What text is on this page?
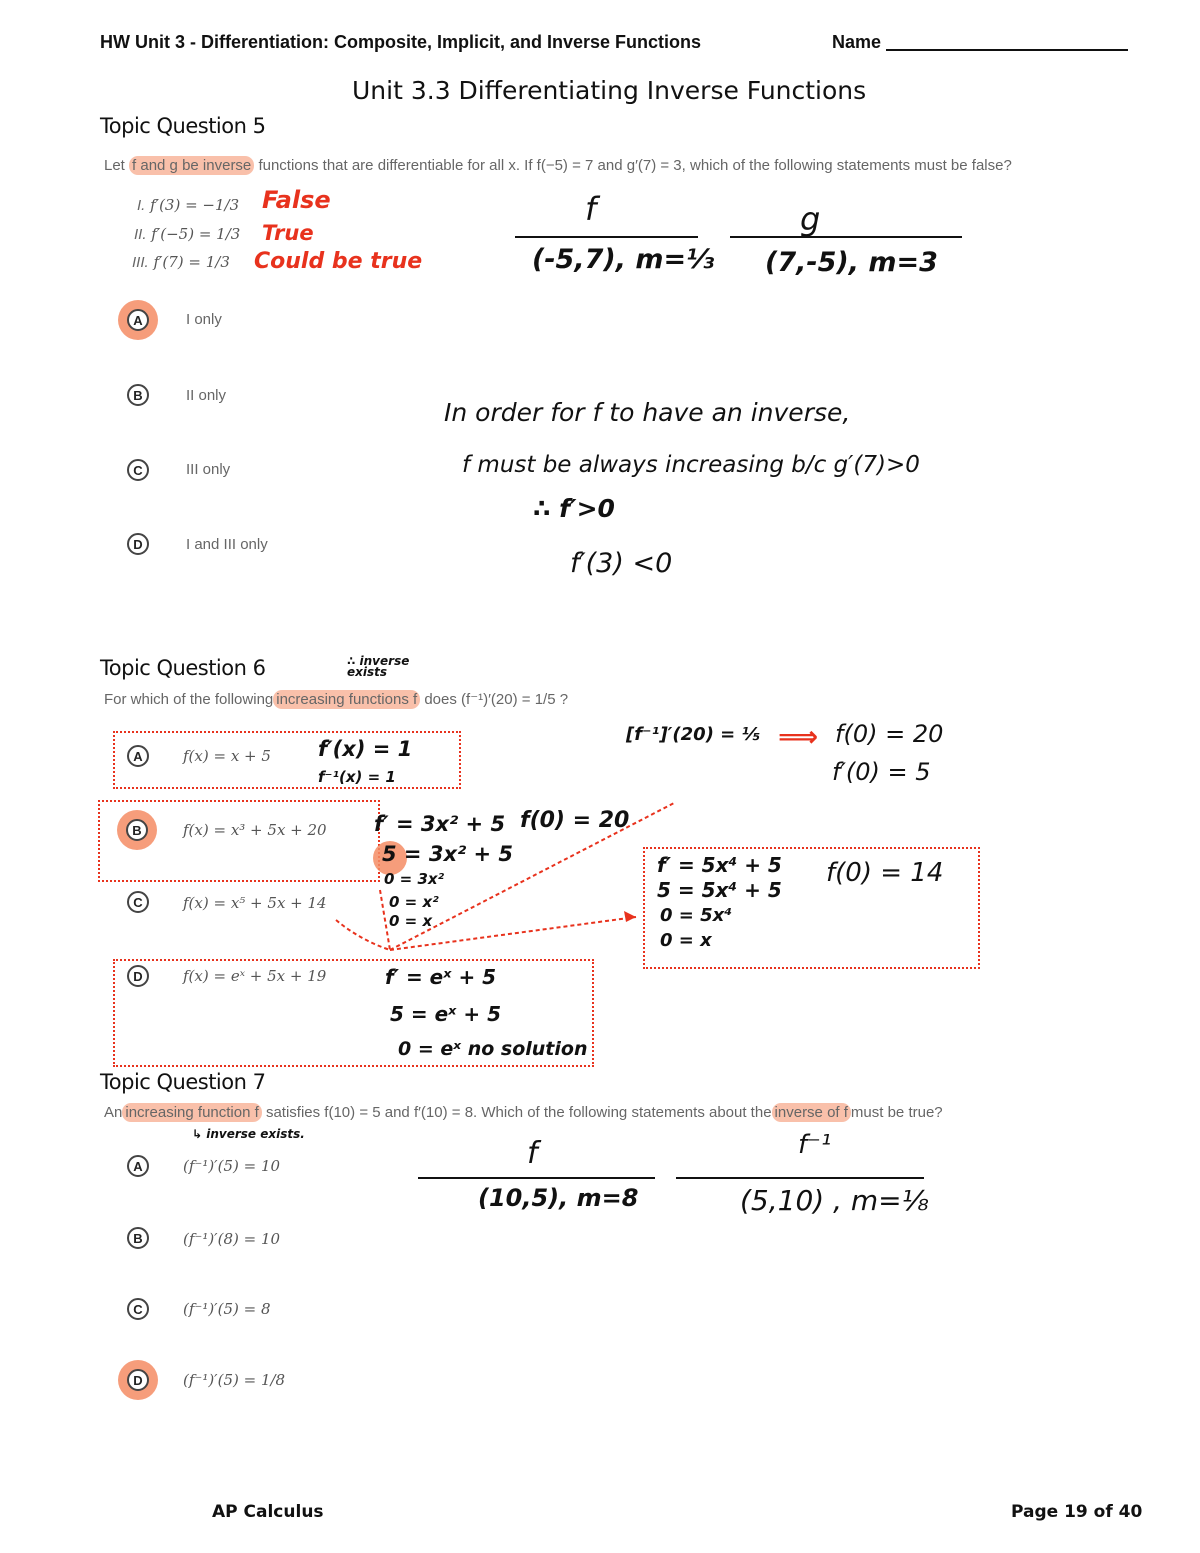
HW Unit 3 - Differentiation: Composite, Implicit, and Inverse Functions	Name
Unit 3.3 Differentiating Inverse Functions
Topic Question 5
Let f and g be inverse functions that are differentiable for all x. If f(−5) = 7 and g′(7) = 3, which of the following statements must be false?
I. f′(3) = −1/3
II. f′(−5) = 1/3
III. f′(7) = 1/3
False
True
Could be true
f
(-5,7), m=⅓
g
(7,-5), m=3
A	I only
B	II only
C	III only
D	I and III only
In order for f to have an inverse,
f must be always increasing b/c g′(7)>0
∴ f′>0
f′(3) <0
Topic Question 6	∴ inverse exists
For which of the following increasing functions f does (f⁻¹)′(20) = 1/5 ?
A	f(x) = x + 5
B	f(x) = x³ + 5x + 20
C	f(x) = x⁵ + 5x + 14
D	f(x) = eˣ + 5x + 19
f′(x) = 1
f⁻¹(x) = 1
f′ = 3x² + 5
5 = 3x² + 5
0 = 3x²
0 = x²
0 = x
f(0) = 20
[f⁻¹]′(20) = ⅕ ⟹ f(0) = 20
f′(0) = 5
f′ = 5x⁴ + 5
5 = 5x⁴ + 5
0 = 5x⁴
0 = x
f(0) = 14
f′ = eˣ + 5
5 = eˣ + 5
0 = eˣ no solution
Topic Question 7
An increasing function f satisfies f(10) = 5 and f′(10) = 8. Which of the following statements about the inverse of f must be true?
↳ inverse exists.
A	(f⁻¹)′(5) = 10
B	(f⁻¹)′(8) = 10
C	(f⁻¹)′(5) = 8
D	(f⁻¹)′(5) = 1/8
f
(10,5), m=8
f⁻¹
(5,10) , m=⅛
AP Calculus	Page 19 of 40
